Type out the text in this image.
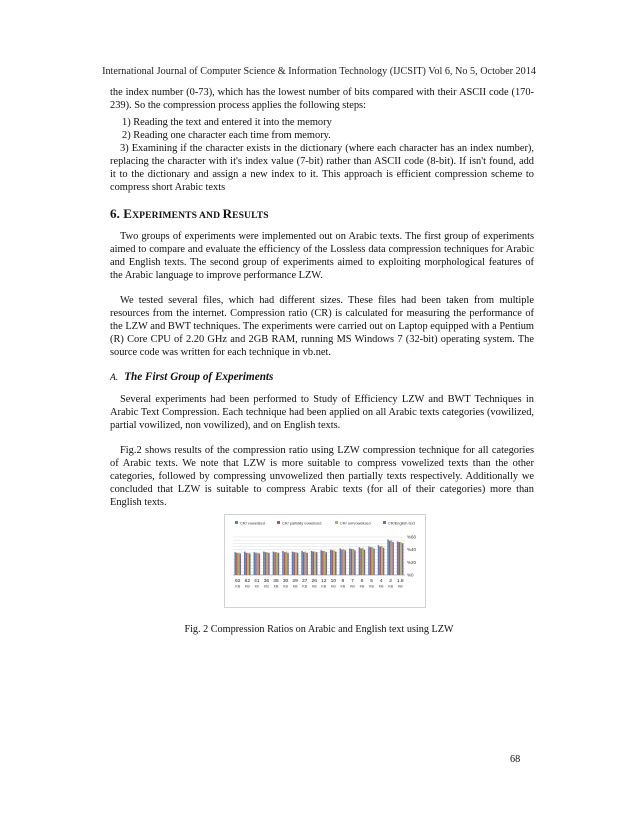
International Journal of Computer Science & Information Technology (IJCSIT) Vol 6, No 5, October 2014

the index number (0-73), which has the lowest number of bits compared with their ASCII code (170-239). So the compression process applies the following steps:

1) Reading the text and entered it into the memory

2) Reading one character each time from memory.

3) Examining if the character exists in the dictionary (where each character has an index number), replacing the character with it's index value (7-bit) rather than ASCII code (8-bit). If isn't found, add it to the dictionary and assign a new index to it. This approach is efficient compression scheme to compress short Arabic texts

6. EXPERIMENTS AND RESULTS

Two groups of experiments were implemented out on Arabic texts. The first group of experiments aimed to compare and evaluate the efficiency of the Lossless data compression techniques for Arabic and English texts. The second group of experiments aimed to exploiting morphological features of the Arabic language to improve performance LZW.

We tested several files, which had different sizes. These files had been taken from multiple resources from the internet. Compression ratio (CR) is calculated for measuring the performance of the LZW and BWT techniques. The experiments were carried out on Laptop equipped with a Pentium (R) Core CPU of 2.20 GHz and 2GB RAM, running MS Windows 7 (32-bit) operating system. The source code was written for each technique in vb.net.

A. The First Group of Experiments

Several experiments had been performed to Study of Efficiency LZW and BWT Techniques in Arabic Text Compression. Each technique had been applied on all Arabic texts categories (vowilized, partial vowilized, non vowilized), and on English texts.

Fig.2 shows results of the compression ratio using LZW compression technique for all categories of Arabic texts. We note that LZW is more suitable to compress vowelized texts than the other categories, followed by compressing unvowelized then partially texts respectively. Additionally we concluded that LZW is suitable to compress Arabic texts (for all of their categories) more than English texts.

CR/ vowelized	CR/ partially vowelized	CR/ unrvowelized	CR/English text
%0
%20
%40
%60
62
KB
62
KB
41
Kb
36
KB
35
KB
30
KB
29
KB
27
KB
26
KB
12
KB
10
KB
8
KB
7
KB
6
KB
5
KB
4
KB
2
KB
1.8
KB
Fig. 2 Compression Ratios on Arabic and English text using LZW
68
